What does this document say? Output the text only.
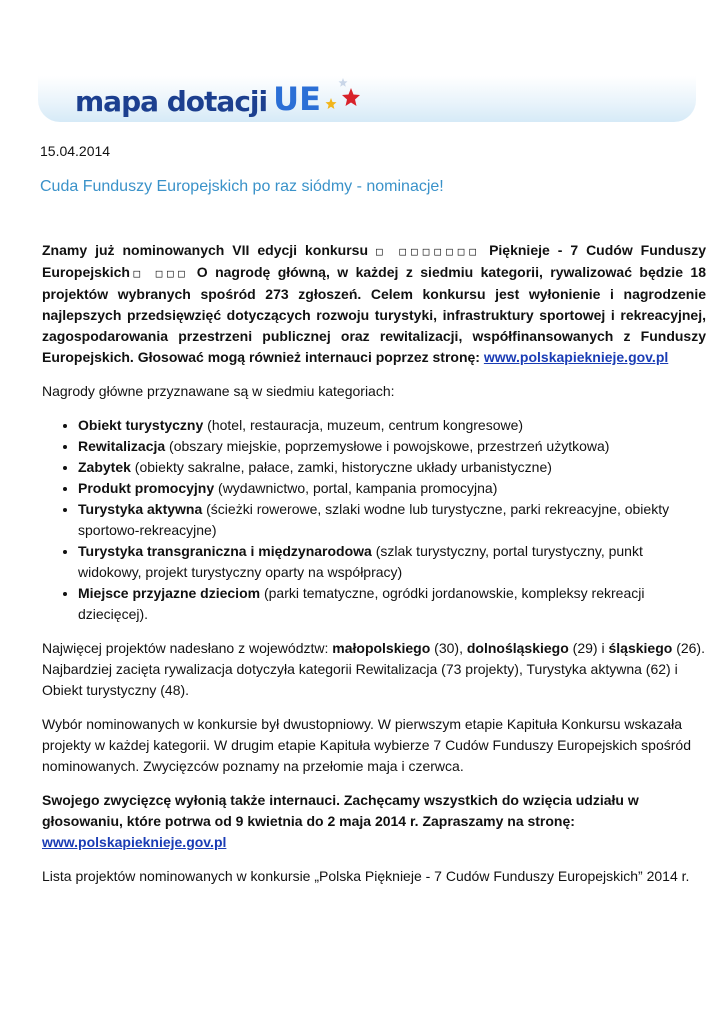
mapa dotacji UE
15.04.2014
Cuda Funduszy Europejskich po raz siódmy - nominacje!

Znamy już nominowanych VII edycji konkursu □ □□□□□□□ Pięknieje - 7 Cudów Funduszy Europejskich□ □□□ O nagrodę główną, w każdej z siedmiu kategorii, rywalizować będzie 18 projektów wybranych spośród 273 zgłoszeń. Celem konkursu jest wyłonienie i nagrodzenie najlepszych przedsięwzięć dotyczących rozwoju turystyki, infrastruktury sportowej i rekreacyjnej, zagospodarowania przestrzeni publicznej oraz rewitalizacji, współfinansowanych z Funduszy Europejskich. Głosować mogą również internauci poprzez stronę: www.polskapieknieje.gov.pl

Nagrody główne przyznawane są w siedmiu kategoriach:

• Obiekt turystyczny (hotel, restauracja, muzeum, centrum kongresowe)
• Rewitalizacja (obszary miejskie, poprzemysłowe i powojskowe, przestrzeń użytkowa)
• Zabytek (obiekty sakralne, pałace, zamki, historyczne układy urbanistyczne)
• Produkt promocyjny (wydawnictwo, portal, kampania promocyjna)
• Turystyka aktywna (ścieżki rowerowe, szlaki wodne lub turystyczne, parki rekreacyjne, obiekty sportowo-rekreacyjne)
• Turystyka transgraniczna i międzynarodowa (szlak turystyczny, portal turystyczny, punkt widokowy, projekt turystyczny oparty na współpracy)
• Miejsce przyjazne dzieciom (parki tematyczne, ogródki jordanowskie, kompleksy rekreacji dziecięcej).

Najwięcej projektów nadesłano z województw: małopolskiego (30), dolnośląskiego (29) i śląskiego (26). Najbardziej zacięta rywalizacja dotyczyła kategorii Rewitalizacja (73 projekty), Turystyka aktywna (62) i Obiekt turystyczny (48).

Wybór nominowanych w konkursie był dwustopniowy. W pierwszym etapie Kapituła Konkursu wskazała projekty w każdej kategorii. W drugim etapie Kapituła wybierze 7 Cudów Funduszy Europejskich spośród nominowanych. Zwycięzców poznamy na przełomie maja i czerwca.

Swojego zwycięzcę wyłonią także internauci. Zachęcamy wszystkich do wzięcia udziału w głosowaniu, które potrwa od 9 kwietnia do 2 maja 2014 r. Zapraszamy na stronę:
www.polskapieknieje.gov.pl

Lista projektów nominowanych w konkursie „Polska Pięknieje - 7 Cudów Funduszy Europejskich” 2014 r.
